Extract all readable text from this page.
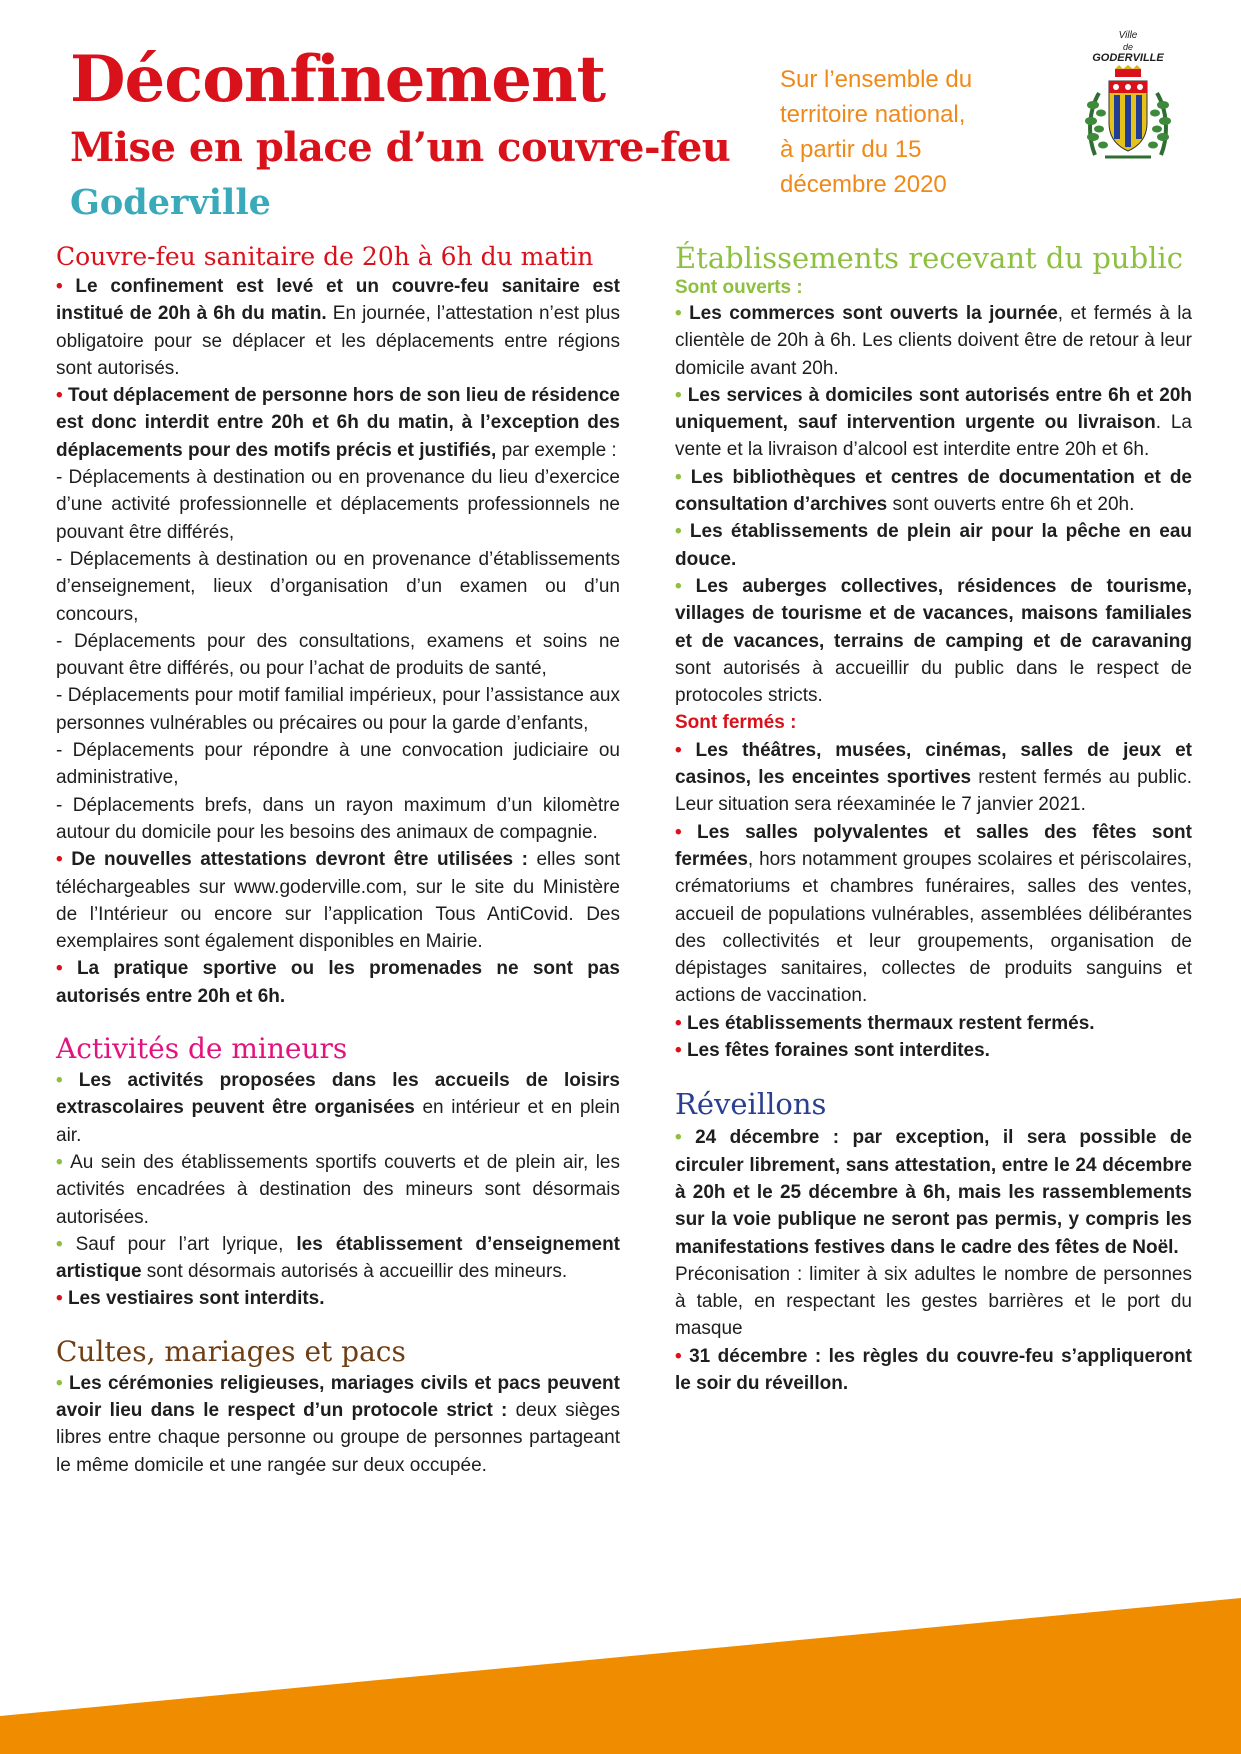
Déconfinement
Mise en place d’un couvre-feu
Goderville
Sur l’ensemble du
territoire national,
à partir du 15
décembre 2020
Ville
de
GODERVILLE
Couvre-feu sanitaire de 20h à 6h du matin

• Le confinement est levé et un couvre-feu sanitaire est institué de 20h à 6h du matin. En journée, l’attestation n’est plus obligatoire pour se déplacer et les déplacements entre régions sont autorisés.

• Tout déplacement de personne hors de son lieu de résidence est donc interdit entre 20h et 6h du matin, à l’exception des déplacements pour des motifs précis et justifiés, par exemple :

- Déplacements à destination ou en provenance du lieu d’exercice d’une activité professionnelle et déplacements professionnels ne pouvant être différés,

- Déplacements à destination ou en provenance d’établissements d’enseignement, lieux d’organisation d’un examen ou d’un concours,

- Déplacements pour des consultations, examens et soins ne pouvant être différés, ou pour l’achat de produits de santé,

- Déplacements pour motif familial impérieux, pour l’assistance aux personnes vulnérables ou précaires ou pour la garde d’enfants,

- Déplacements pour répondre à une convocation judiciaire ou administrative,

- Déplacements brefs, dans un rayon maximum d’un kilomètre autour du domicile pour les besoins des animaux de compagnie.

• De nouvelles attestations devront être utilisées : elles sont téléchargeables sur www.goderville.com, sur le site du Ministère de l’Intérieur ou encore sur l’application Tous AntiCovid. Des exemplaires sont également disponibles en Mairie.

• La pratique sportive ou les promenades ne sont pas autorisés entre 20h et 6h.

Activités de mineurs

• Les activités proposées dans les accueils de loisirs extrascolaires peuvent être organisées en intérieur et en plein air.

• Au sein des établissements sportifs couverts et de plein air, les activités encadrées à destination des mineurs sont désormais autorisées.

• Sauf pour l’art lyrique, les établissement d’enseignement artistique sont désormais autorisés à accueillir des mineurs.

• Les vestiaires sont interdits.

Cultes, mariages et pacs

• Les cérémonies religieuses, mariages civils et pacs peuvent avoir lieu dans le respect d’un protocole strict : deux sièges libres entre chaque personne ou groupe de personnes partageant le même domicile et une rangée sur deux occupée.

Établissements recevant du public

Sont ouverts :

• Les commerces sont ouverts la journée, et fermés à la clientèle de 20h à 6h. Les clients doivent être de retour à leur domicile avant 20h.

• Les services à domiciles sont autorisés entre 6h et 20h uniquement, sauf intervention urgente ou livraison. La vente et la livraison d’alcool est interdite entre 20h et 6h.

• Les bibliothèques et centres de documentation et de consultation d’archives sont ouverts entre 6h et 20h.

• Les établissements de plein air pour la pêche en eau douce.

• Les auberges collectives, résidences de tourisme, villages de tourisme et de vacances, maisons familiales et de vacances, terrains de camping et de caravaning sont autorisés à accueillir du public dans le respect de protocoles stricts.

Sont fermés :

• Les théâtres, musées, cinémas, salles de jeux et casinos, les enceintes sportives restent fermés au public. Leur situation sera réexaminée le 7 janvier 2021.

• Les salles polyvalentes et salles des fêtes sont fermées, hors notamment groupes scolaires et périscolaires, crématoriums et chambres funéraires, salles des ventes, accueil de populations vulnérables, assemblées délibérantes des collectivités et leur groupements, organisation de dépistages sanitaires, collectes de produits sanguins et actions de vaccination.

• Les établissements thermaux restent fermés.

• Les fêtes foraines sont interdites.

Réveillons

• 24 décembre : par exception, il sera possible de circuler librement, sans attestation, entre le 24 décembre à 20h et le 25 décembre à 6h, mais les rassemblements sur la voie publique ne seront pas permis, y compris les manifestations festives dans le cadre des fêtes de Noël.

Préconisation : limiter à six adultes le nombre de personnes à table, en respectant les gestes barrières et le port du masque

• 31 décembre : les règles du couvre-feu s’appliqueront le soir du réveillon.
